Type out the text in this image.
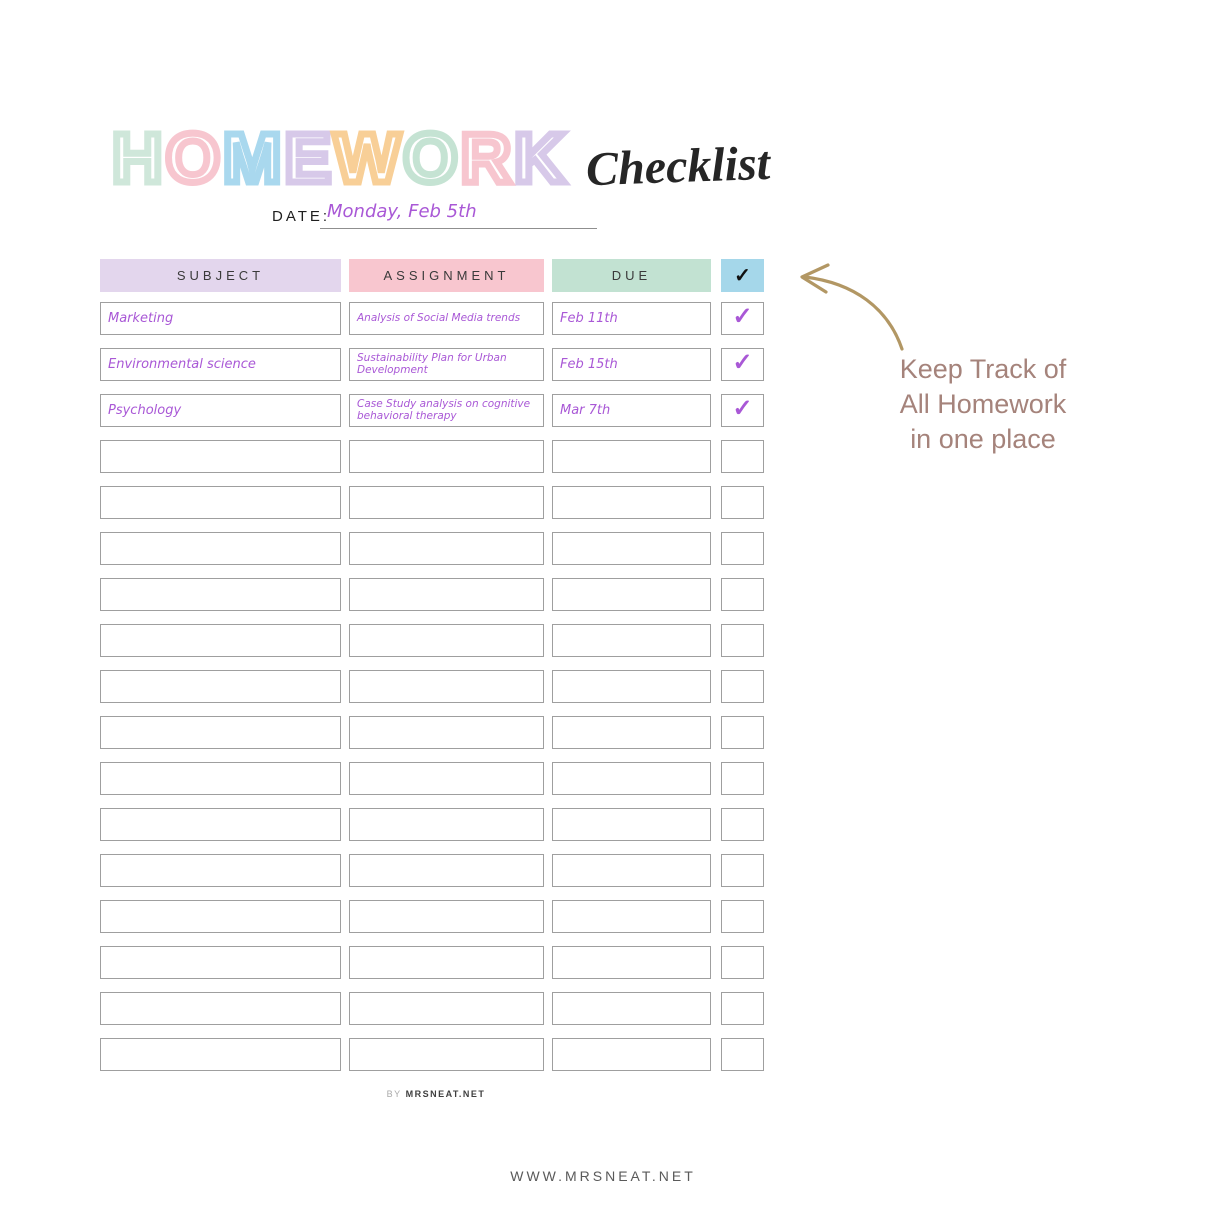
H O M E W O R K Checklist
DATE:
Monday, Feb 5th
SUBJECT	ASSIGNMENT	DUE	✓
Marketing	Analysis of Social Media trends	Feb 11th	✓
Environmental science	Sustainability Plan for Urban Development	Feb 15th	✓
Psychology	Case Study analysis on cognitive behavioral therapy	Mar 7th	✓
BY MRSNEAT.NET
Keep Track of
All Homework
in one place
WWW.MRSNEAT.NET
